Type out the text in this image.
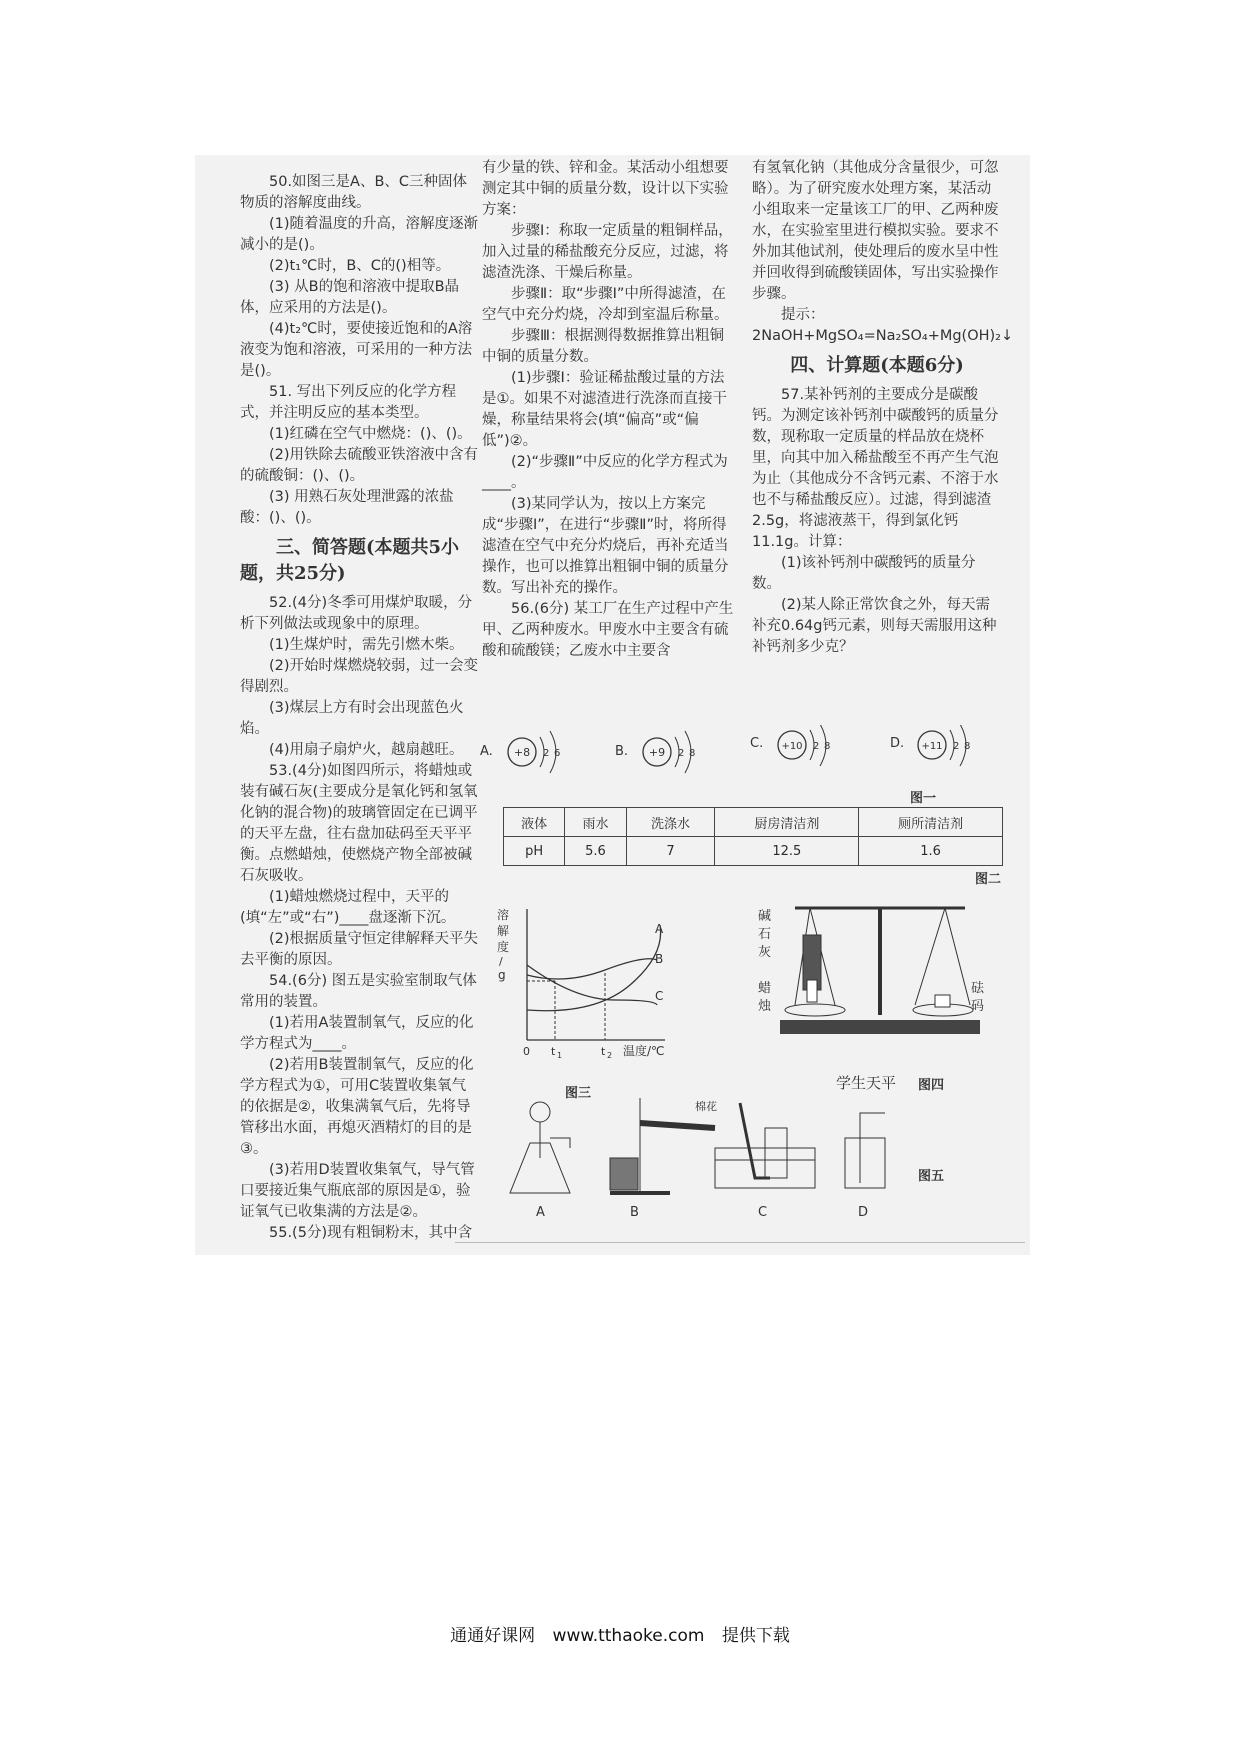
50.如图三是A、B、C三种固体物质的溶解度曲线。

(1)随着温度的升高，溶解度逐渐减小的是()。

(2)t₁℃时，B、C的()相等。

(3) 从B的饱和溶液中提取B晶体，应采用的方法是()。

(4)t₂℃时，要使接近饱和的A溶液变为饱和溶液，可采用的一种方法是()。

51. 写出下列反应的化学方程式，并注明反应的基本类型。

(1)红磷在空气中燃烧：()、()。

(2)用铁除去硫酸亚铁溶液中含有的硫酸铜：()、()。

(3) 用熟石灰处理泄露的浓盐酸：()、()。

三、简答题(本题共5小题，共25分)

52.(4分)冬季可用煤炉取暖，分析下列做法或现象中的原理。

(1)生煤炉时，需先引燃木柴。

(2)开始时煤燃烧较弱，过一会变得剧烈。

(3)煤层上方有时会出现蓝色火焰。

(4)用扇子扇炉火，越扇越旺。

53.(4分)如图四所示，将蜡烛或装有碱石灰(主要成分是氧化钙和氢氧化钠的混合物)的玻璃管固定在已调平的天平左盘，往右盘加砝码至天平平衡。点燃蜡烛，使燃烧产物全部被碱石灰吸收。

(1)蜡烛燃烧过程中，天平的(填“左”或“右”)____盘逐渐下沉。

(2)根据质量守恒定律解释天平失去平衡的原因。

54.(6分) 图五是实验室制取气体常用的装置。

(1)若用A装置制氧气，反应的化学方程式为____。

(2)若用B装置制氧气，反应的化学方程式为①，可用C装置收集氧气的依据是②，收集满氧气后，先将导管移出水面，再熄灭酒精灯的目的是③。

(3)若用D装置收集氧气，导气管口要接近集气瓶底部的原因是①，验证氧气已收集满的方法是②。

55.(5分)现有粗铜粉末，其中含

有少量的铁、锌和金。某活动小组想要测定其中铜的质量分数，设计以下实验方案：

步骤Ⅰ：称取一定质量的粗铜样品，加入过量的稀盐酸充分反应，过滤，将滤渣洗涤、干燥后称量。

步骤Ⅱ：取“步骤Ⅰ”中所得滤渣，在空气中充分灼烧，冷却到室温后称量。

步骤Ⅲ：根据测得数据推算出粗铜中铜的质量分数。

(1)步骤Ⅰ：验证稀盐酸过量的方法是①。如果不对滤渣进行洗涤而直接干燥，称量结果将会(填“偏高”或“偏低”)②。

(2)“步骤Ⅱ”中反应的化学方程式为____。

(3)某同学认为，按以上方案完成“步骤Ⅰ”，在进行“步骤Ⅱ”时，将所得滤渣在空气中充分灼烧后，再补充适当操作，也可以推算出粗铜中铜的质量分数。写出补充的操作。

56.(6分) 某工厂在生产过程中产生甲、乙两种废水。甲废水中主要含有硫酸和硫酸镁；乙废水中主要含

有氢氧化钠（其他成分含量很少，可忽略）。为了研究废水处理方案，某活动小组取来一定量该工厂的甲、乙两种废水，在实验室里进行模拟实验。要求不外加其他试剂，使处理后的废水呈中性并回收得到硫酸镁固体，写出实验操作步骤。

提示：

2NaOH+MgSO₄=Na₂SO₄+Mg(OH)₂↓

四、计算题(本题6分)

57.某补钙剂的主要成分是碳酸钙。为测定该补钙剂中碳酸钙的质量分数，现称取一定质量的样品放在烧杯里，向其中加入稀盐酸至不再产生气泡为止（其他成分不含钙元素、不溶于水也不与稀盐酸反应）。过滤，得到滤渣2.5g，将滤液蒸干，得到氯化钙11.1g。计算：

(1)该补钙剂中碳酸钙的质量分数。

(2)某人除正常饮食之外，每天需补充0.64g钙元素，则每天需服用这种补钙剂多少克？

A. +8 2 6	B. +9 2 8
C. +10 2 8	D. +11 2 8
图一
液体	雨水	洗涤水	厨房清洁剂	厕所清洁剂
pH	5.6	7	12.5	1.6
图二
溶
解
度
/
g
A
B
C
0 t 1	t 2 温度/℃
图三
碱
石
灰
蜡
烛
砝
码
学生天平 图四
A
棉花
B	C	D
图五
通通好课网 www.tthaoke.com 提供下载
